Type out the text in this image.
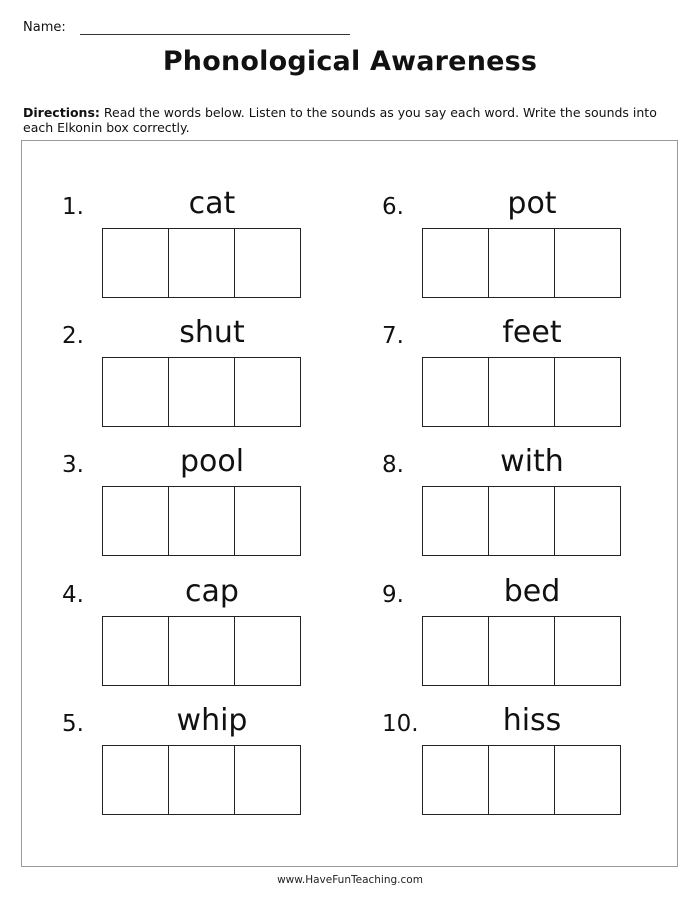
Name:
Phonological Awareness
Directions: Read the words below. Listen to the sounds as you say each word. Write the sounds into each Elkonin box correctly.
1.	cat
2.	shut
3.	pool
4.	cap
5.	whip
6.	pot
7.	feet
8.	with
9.	bed
10.	hiss
www.HaveFunTeaching.com
